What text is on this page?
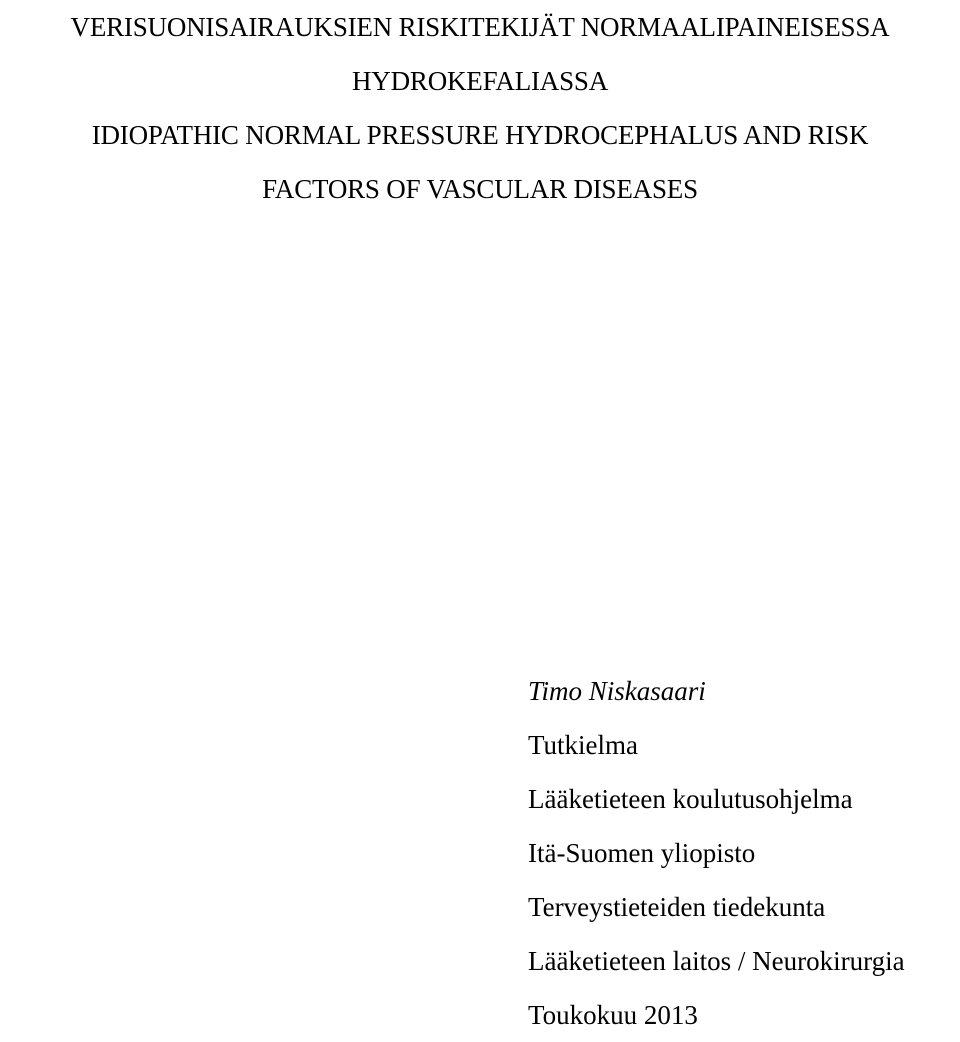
VERISUONISAIRAUKSIEN RISKITEKIJÄT NORMAALIPAINEISESSA
HYDROKEFALIASSA
IDIOPATHIC NORMAL PRESSURE HYDROCEPHALUS AND RISK
FACTORS OF VASCULAR DISEASES
Timo Niskasaari
Tutkielma
Lääketieteen koulutusohjelma
Itä-Suomen yliopisto
Terveystieteiden tiedekunta
Lääketieteen laitos / Neurokirurgia
Toukokuu 2013
